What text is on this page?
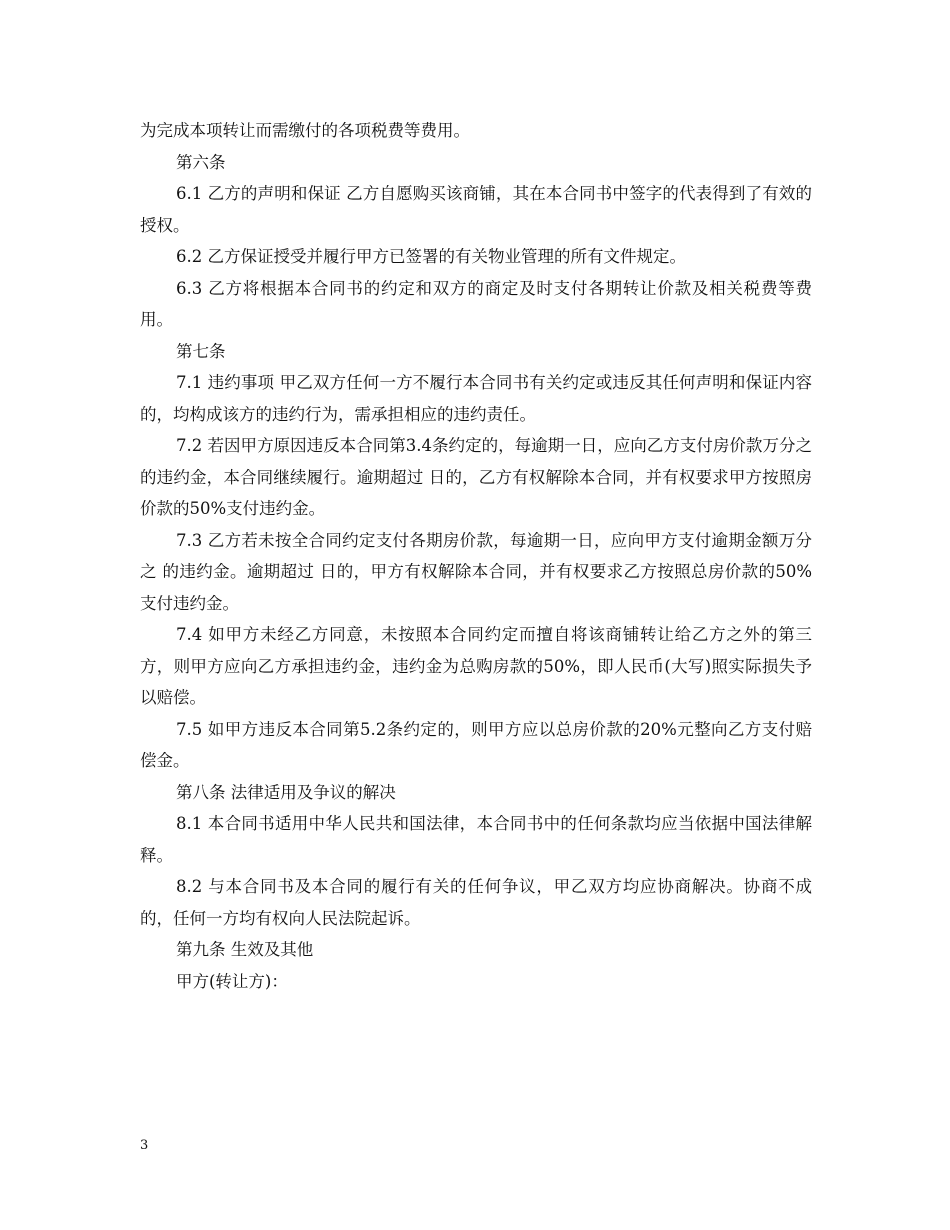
为完成本项转让而需缴付的各项税费等费用。

第六条

6.1 乙方的声明和保证 乙方自愿购买该商铺，其在本合同书中签字的代表得到了有效的授权。

6.2 乙方保证授受并履行甲方已签署的有关物业管理的所有文件规定。

6.3 乙方将根据本合同书的约定和双方的商定及时支付各期转让价款及相关税费等费用。

第七条

7.1 违约事项 甲乙双方任何一方不履行本合同书有关约定或违反其任何声明和保证内容的，均构成该方的违约行为，需承担相应的违约责任。

7.2 若因甲方原因违反本合同第3.4条约定的，每逾期一日，应向乙方支付房价款万分之 的违约金，本合同继续履行。逾期超过 日的，乙方有权解除本合同，并有权要求甲方按照房价款的50%支付违约金。

7.3 乙方若未按全合同约定支付各期房价款，每逾期一日，应向甲方支付逾期金额万分之 的违约金。逾期超过 日的，甲方有权解除本合同，并有权要求乙方按照总房价款的50%支付违约金。

7.4 如甲方未经乙方同意，未按照本合同约定而擅自将该商铺转让给乙方之外的第三方，则甲方应向乙方承担违约金，违约金为总购房款的50%，即人民币(大写)照实际损失予以赔偿。

7.5 如甲方违反本合同第5.2条约定的，则甲方应以总房价款的20%元整向乙方支付赔偿金。

第八条 法律适用及争议的解决

8.1 本合同书适用中华人民共和国法律，本合同书中的任何条款均应当依据中国法律解释。

8.2 与本合同书及本合同的履行有关的任何争议，甲乙双方均应协商解决。协商不成的，任何一方均有权向人民法院起诉。

第九条 生效及其他

甲方(转让方)：

3
